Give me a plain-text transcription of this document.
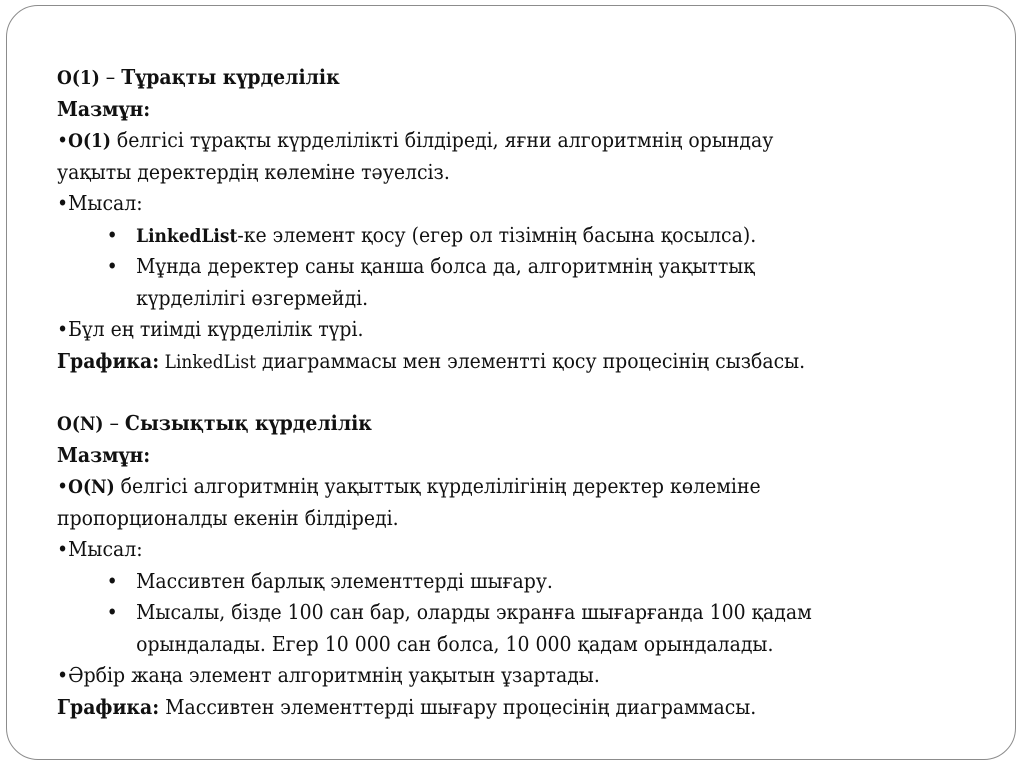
O(1) – Тұрақты күрделілік
Мазмұн:
•O(1) белгісі тұрақты күрделілікті білдіреді, яғни алгоритмнің орындау
уақыты деректердің көлеміне тәуелсіз.
•Мысал:
• LinkedList-ке элемент қосу (егер ол тізімнің басына қосылса).
• Мұнда деректер саны қанша болса да, алгоритмнің уақыттық
күрделілігі өзгермейді.
•Бұл ең тиімді күрделілік түрі.
Графика: LinkedList диаграммасы мен элементті қосу процесінің сызбасы.
O(N) – Сызықтық күрделілік
Мазмұн:
•O(N) белгісі алгоритмнің уақыттық күрделілігінің деректер көлеміне
пропорционалды екенін білдіреді.
•Мысал:
• Массивтен барлық элементтерді шығару.
• Мысалы, бізде 100 сан бар, оларды экранға шығарғанда 100 қадам
орындалады. Егер 10 000 сан болса, 10 000 қадам орындалады.
•Әрбір жаңа элемент алгоритмнің уақытын ұзартады.
Графика: Массивтен элементтерді шығару процесінің диаграммасы.
